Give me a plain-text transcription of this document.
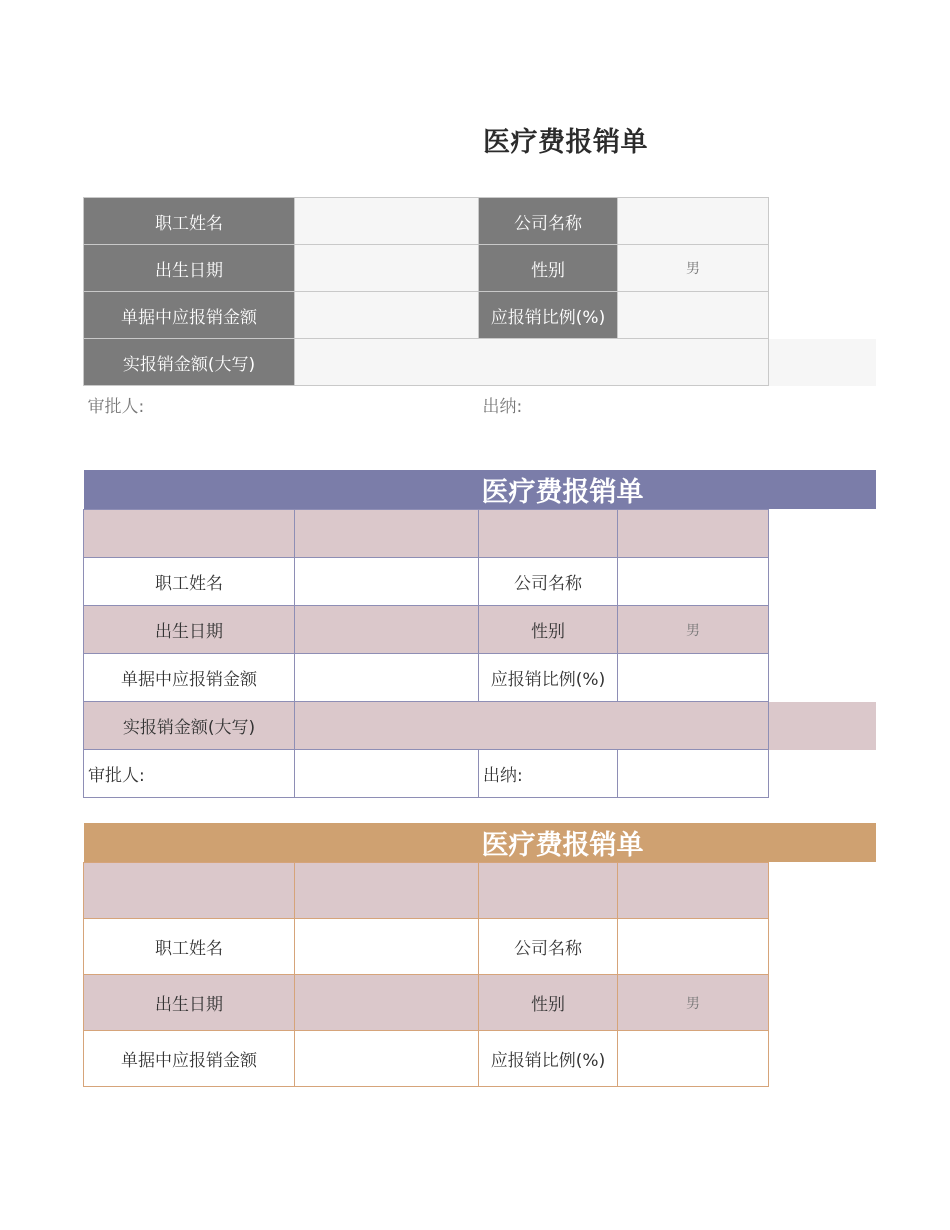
医疗费报销单
职工姓名		公司名称		
出生日期		性别	男	
单据中应报销金额		应报销比例(%)		
实报销金额(大写)				
审批人:		出纳:		
		医疗费报销单		

职工姓名		公司名称		
出生日期		性别	男	
单据中应报销金额		应报销比例(%)		
实报销金额(大写)				
审批人:		出纳:		
		医疗费报销单		

职工姓名		公司名称		
出生日期		性别	男	
单据中应报销金额		应报销比例(%)		
